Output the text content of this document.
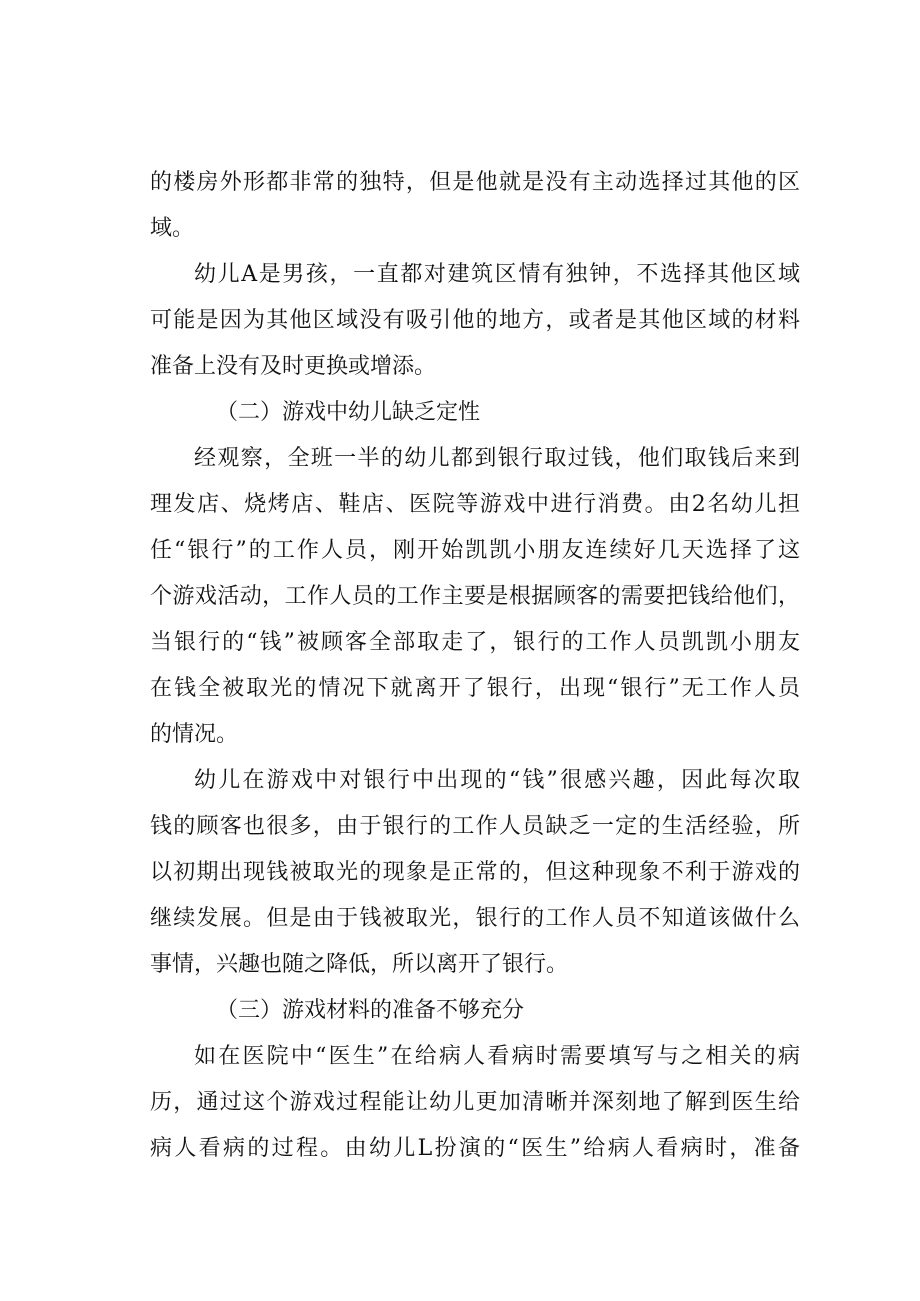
的楼房外形都非常的独特，但是他就是没有主动选择过其他的区
域。
幼儿A是男孩，一直都对建筑区情有独钟，不选择其他区域
可能是因为其他区域没有吸引他的地方，或者是其他区域的材料
准备上没有及时更换或增添。
（二）游戏中幼儿缺乏定性
经观察，全班一半的幼儿都到银行取过钱，他们取钱后来到
理发店、烧烤店、鞋店、医院等游戏中进行消费。由2名幼儿担
任“银行”的工作人员，刚开始凯凯小朋友连续好几天选择了这
个游戏活动，工作人员的工作主要是根据顾客的需要把钱给他们，
当银行的“钱”被顾客全部取走了，银行的工作人员凯凯小朋友
在钱全被取光的情况下就离开了银行，出现“银行”无工作人员
的情况。
幼儿在游戏中对银行中出现的“钱”很感兴趣，因此每次取
钱的顾客也很多，由于银行的工作人员缺乏一定的生活经验，所
以初期出现钱被取光的现象是正常的，但这种现象不利于游戏的
继续发展。但是由于钱被取光，银行的工作人员不知道该做什么
事情，兴趣也随之降低，所以离开了银行。
（三）游戏材料的准备不够充分
如在医院中“医生”在给病人看病时需要填写与之相关的病
历，通过这个游戏过程能让幼儿更加清晰并深刻地了解到医生给
病人看病的过程。由幼儿L扮演的“医生”给病人看病时，准备
